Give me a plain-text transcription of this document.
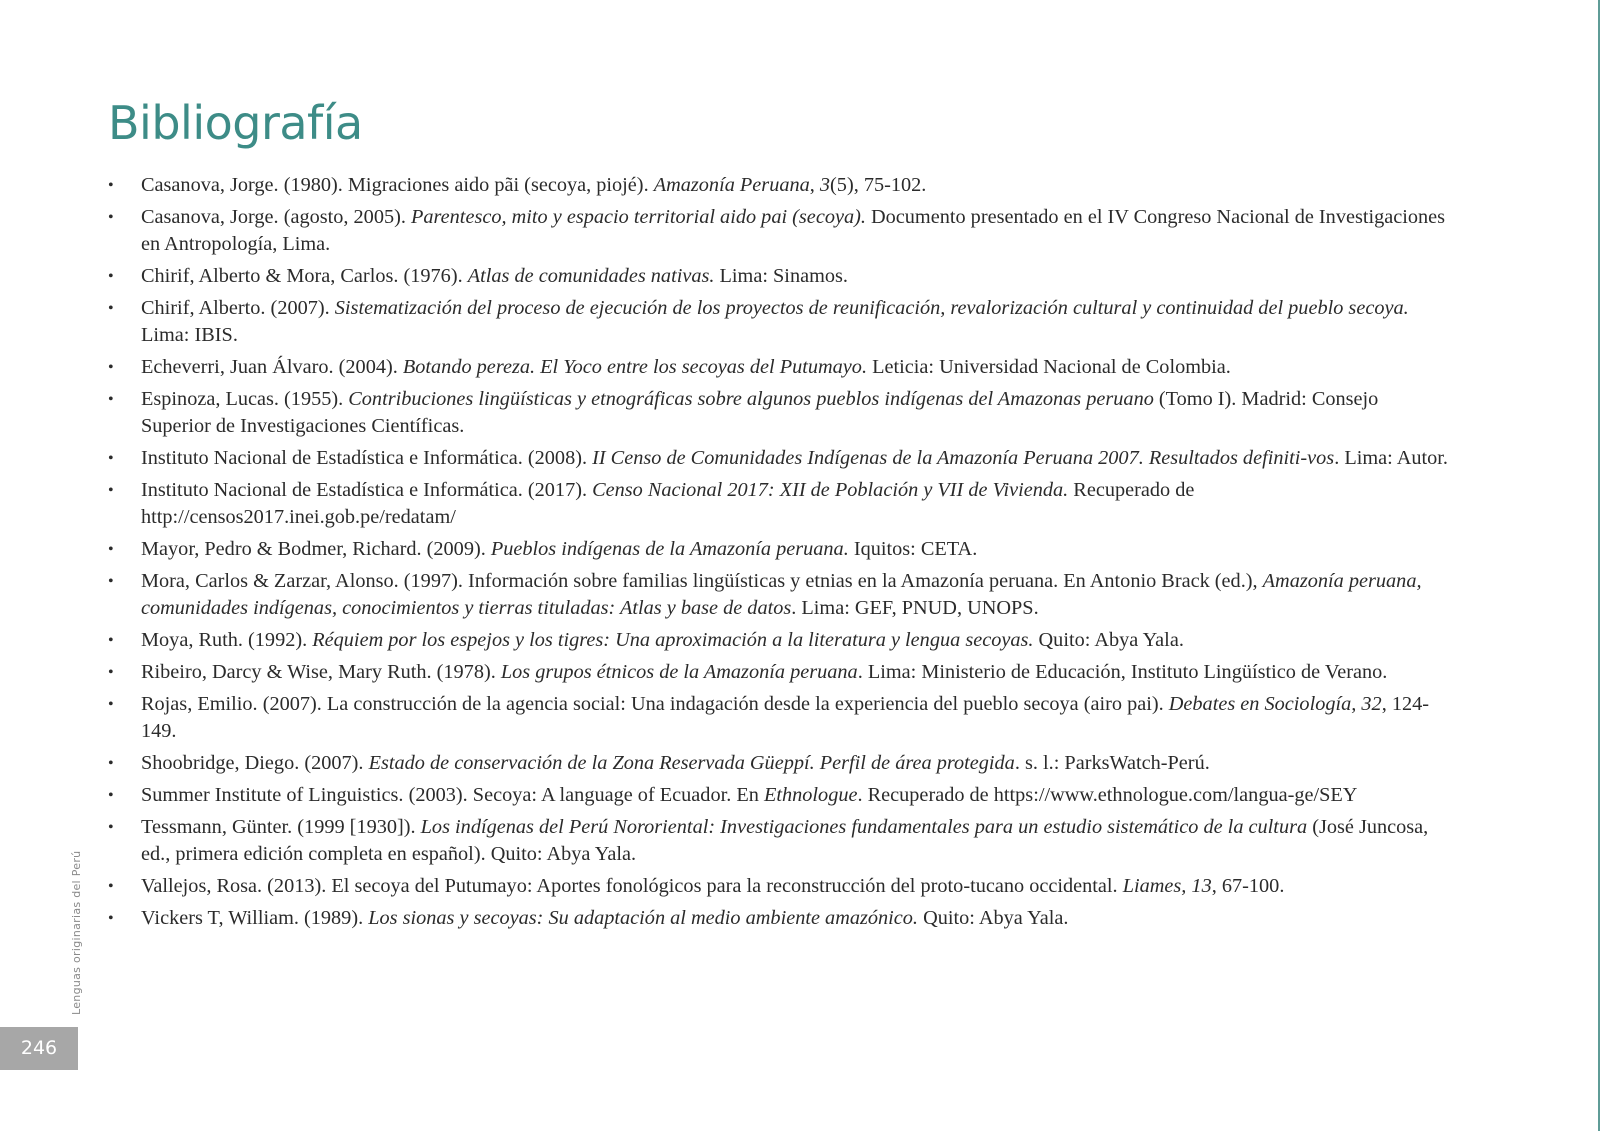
Bibliografía
• Casanova, Jorge. (1980). Migraciones aido pãi (secoya, piojé). Amazonía Peruana, 3(5), 75-102.
• Casanova, Jorge. (agosto, 2005). Parentesco, mito y espacio territorial aido pai (secoya). Documento presentado en el IV Congreso Nacional de Investigaciones en Antropología, Lima.
• Chirif, Alberto & Mora, Carlos. (1976). Atlas de comunidades nativas. Lima: Sinamos.
• Chirif, Alberto. (2007). Sistematización del proceso de ejecución de los proyectos de reunificación, revalorización cultural y continuidad del pueblo secoya. Lima: IBIS.
• Echeverri, Juan Álvaro. (2004). Botando pereza. El Yoco entre los secoyas del Putumayo. Leticia: Universidad Nacional de Colombia.
• Espinoza, Lucas. (1955). Contribuciones lingüísticas y etnográficas sobre algunos pueblos indígenas del Amazonas peruano (Tomo I). Madrid: Consejo Superior de Investigaciones Científicas.
• Instituto Nacional de Estadística e Informática. (2008). II Censo de Comunidades Indígenas de la Amazonía Peruana 2007. Resultados definiti-vos. Lima: Autor.
• Instituto Nacional de Estadística e Informática. (2017). Censo Nacional 2017: XII de Población y VII de Vivienda. Recuperado de http://censos2017.inei.gob.pe/redatam/
• Mayor, Pedro & Bodmer, Richard. (2009). Pueblos indígenas de la Amazonía peruana. Iquitos: CETA.
• Mora, Carlos & Zarzar, Alonso. (1997). Información sobre familias lingüísticas y etnias en la Amazonía peruana. En Antonio Brack (ed.), Amazonía peruana, comunidades indígenas, conocimientos y tierras tituladas: Atlas y base de datos. Lima: GEF, PNUD, UNOPS.
• Moya, Ruth. (1992). Réquiem por los espejos y los tigres: Una aproximación a la literatura y lengua secoyas. Quito: Abya Yala.
• Ribeiro, Darcy & Wise, Mary Ruth. (1978). Los grupos étnicos de la Amazonía peruana. Lima: Ministerio de Educación, Instituto Lingüístico de Verano.
• Rojas, Emilio. (2007). La construcción de la agencia social: Una indagación desde la experiencia del pueblo secoya (airo pai). Debates en Sociología, 32, 124-149.
• Shoobridge, Diego. (2007). Estado de conservación de la Zona Reservada Güeppí. Perfil de área protegida. s. l.: ParksWatch-Perú.
• Summer Institute of Linguistics. (2003). Secoya: A language of Ecuador. En Ethnologue. Recuperado de https://www.ethnologue.com/langua-ge/SEY
• Tessmann, Günter. (1999 [1930]). Los indígenas del Perú Nororiental: Investigaciones fundamentales para un estudio sistemático de la cultura (José Juncosa, ed., primera edición completa en español). Quito: Abya Yala.
• Vallejos, Rosa. (2013). El secoya del Putumayo: Aportes fonológicos para la reconstrucción del proto-tucano occidental. Liames, 13, 67-100.
• Vickers T, William. (1989). Los sionas y secoyas: Su adaptación al medio ambiente amazónico. Quito: Abya Yala.
Lenguas originarias del Perú
246
